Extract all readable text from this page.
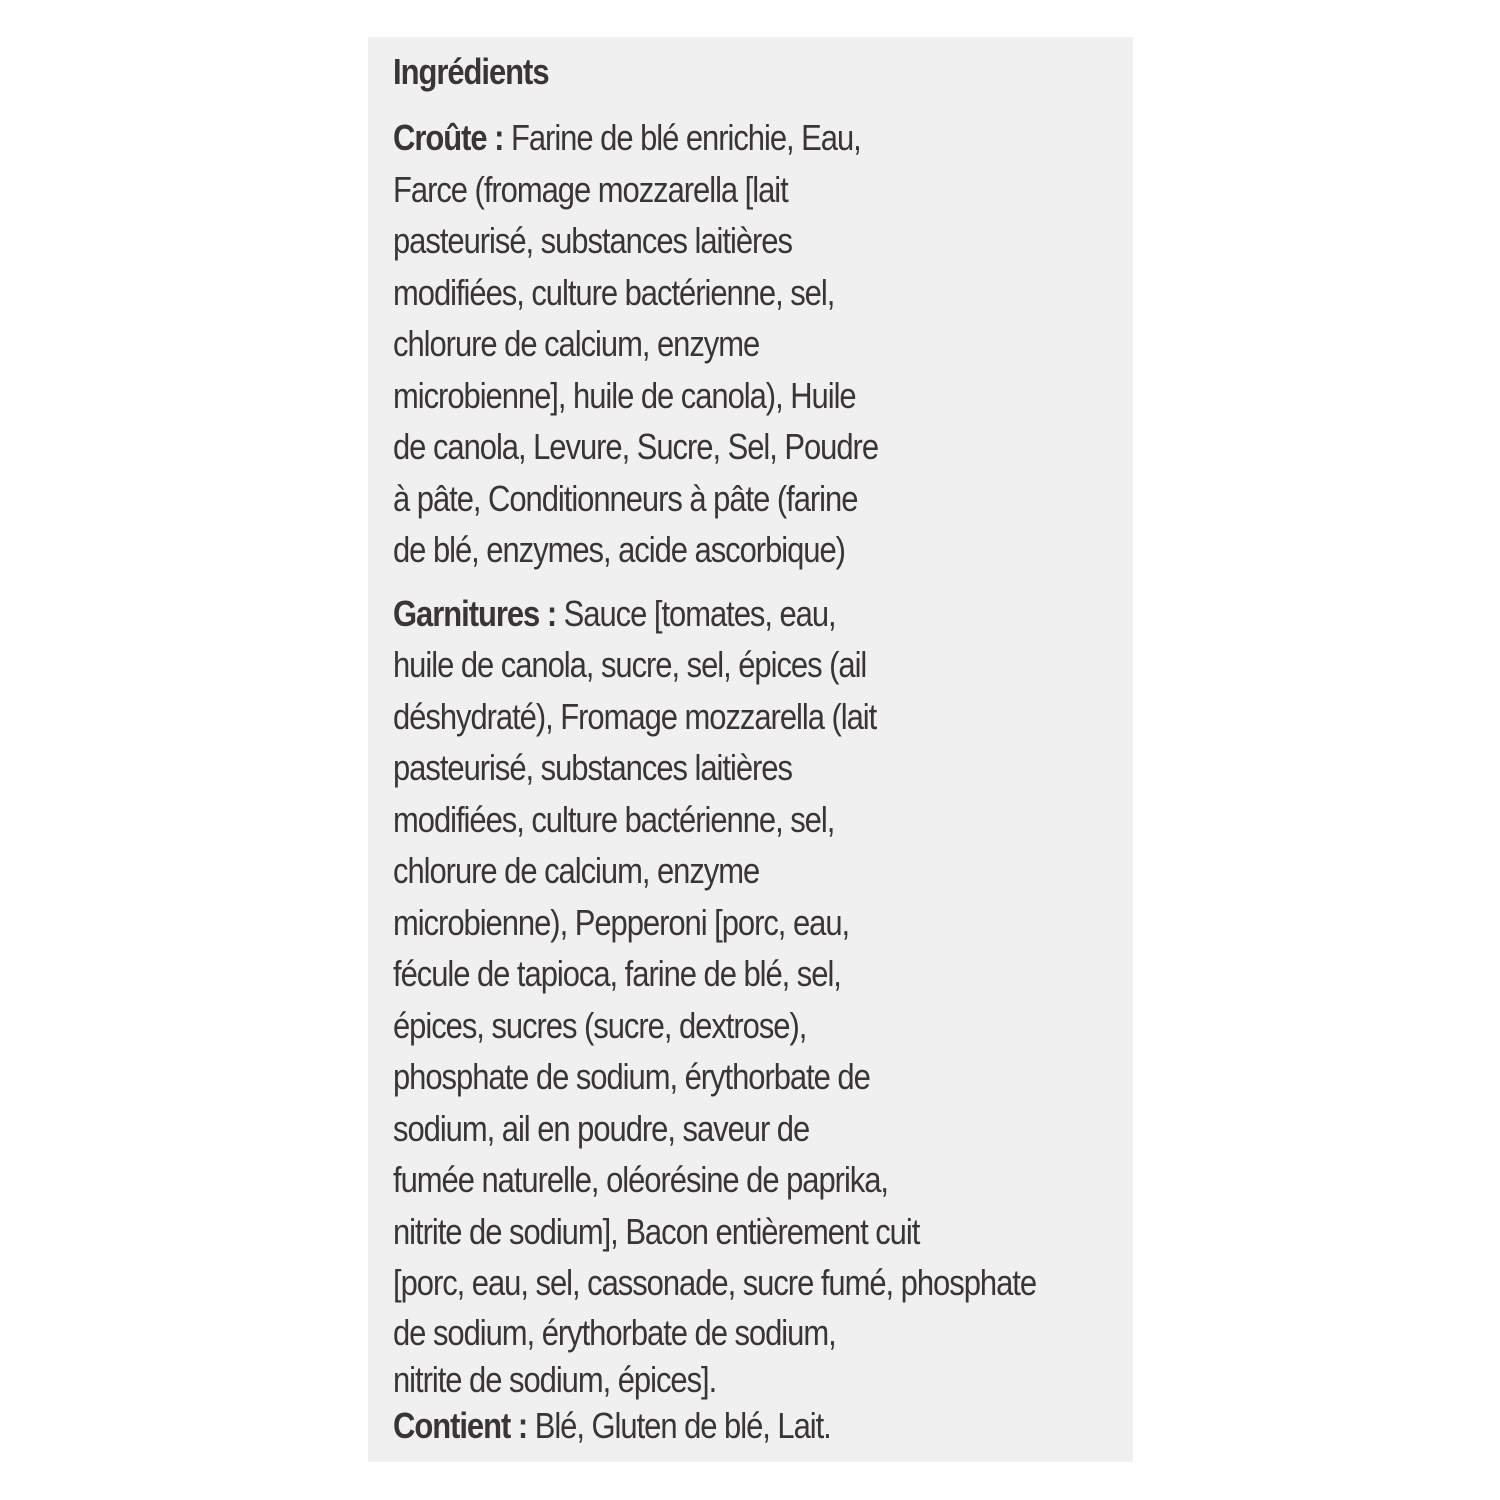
Ingrédients
Croûte : Farine de blé enrichie, Eau,
Farce (fromage mozzarella [lait
pasteurisé, substances laitières
modifiées, culture bactérienne, sel,
chlorure de calcium, enzyme
microbienne], huile de canola), Huile
de canola, Levure, Sucre, Sel, Poudre
à pâte, Conditionneurs à pâte (farine
de blé, enzymes, acide ascorbique)
Garnitures : Sauce [tomates, eau,
huile de canola, sucre, sel, épices (ail
déshydraté), Fromage mozzarella (lait
pasteurisé, substances laitières
modifiées, culture bactérienne, sel,
chlorure de calcium, enzyme
microbienne), Pepperoni [porc, eau,
fécule de tapioca, farine de blé, sel,
épices, sucres (sucre, dextrose),
phosphate de sodium, érythorbate de
sodium, ail en poudre, saveur de
fumée naturelle, oléorésine de paprika,
nitrite de sodium], Bacon entièrement cuit
[porc, eau, sel, cassonade, sucre fumé, phosphate
de sodium, érythorbate de sodium,
nitrite de sodium, épices].
Contient : Blé, Gluten de blé, Lait.
